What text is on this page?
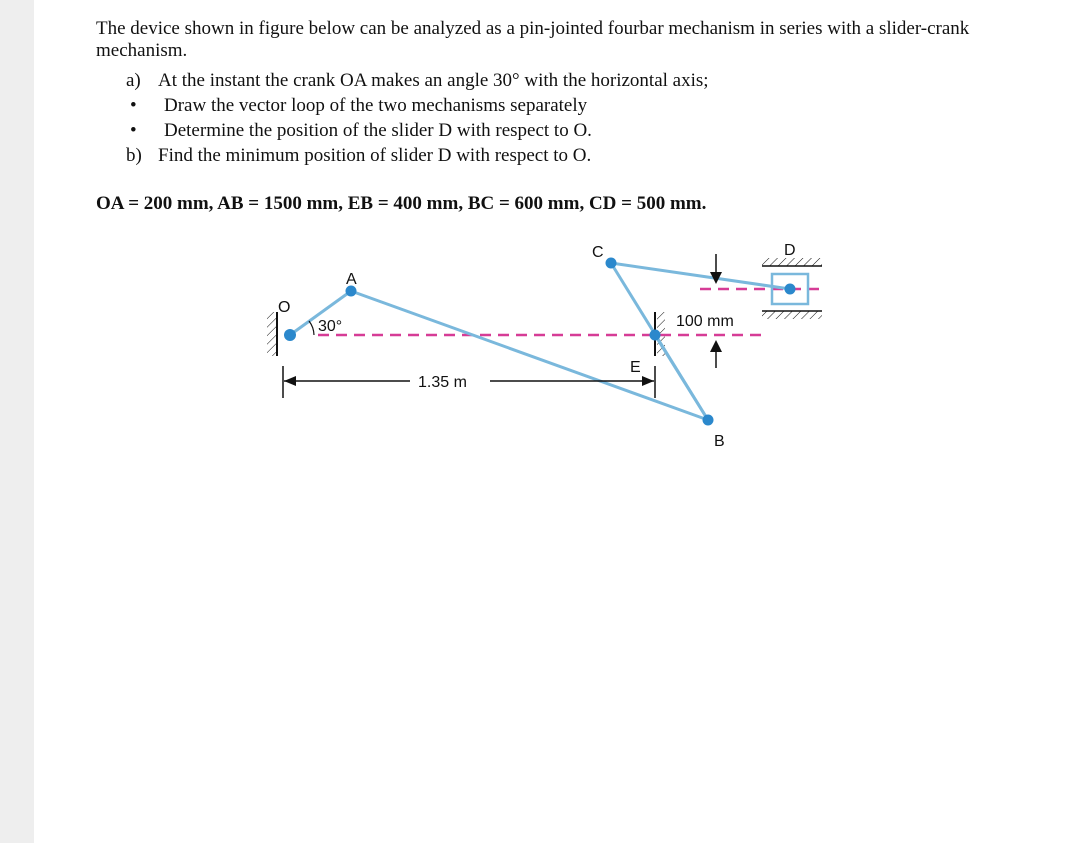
The device shown in figure below can be analyzed as a pin-jointed fourbar mechanism in series with a slider-crank mechanism.

a) At the instant the crank OA makes an angle 30° with the horizontal axis;
• Draw the vector loop of the two mechanisms separately
• Determine the position of the slider D with respect to O.
b) Find the minimum position of slider D with respect to O.
OA = 200 mm, AB = 1500 mm, EB = 400 mm, BC = 600 mm, CD = 500 mm.
O
A
B
C	D
E
30°
1.35 m
100 mm
